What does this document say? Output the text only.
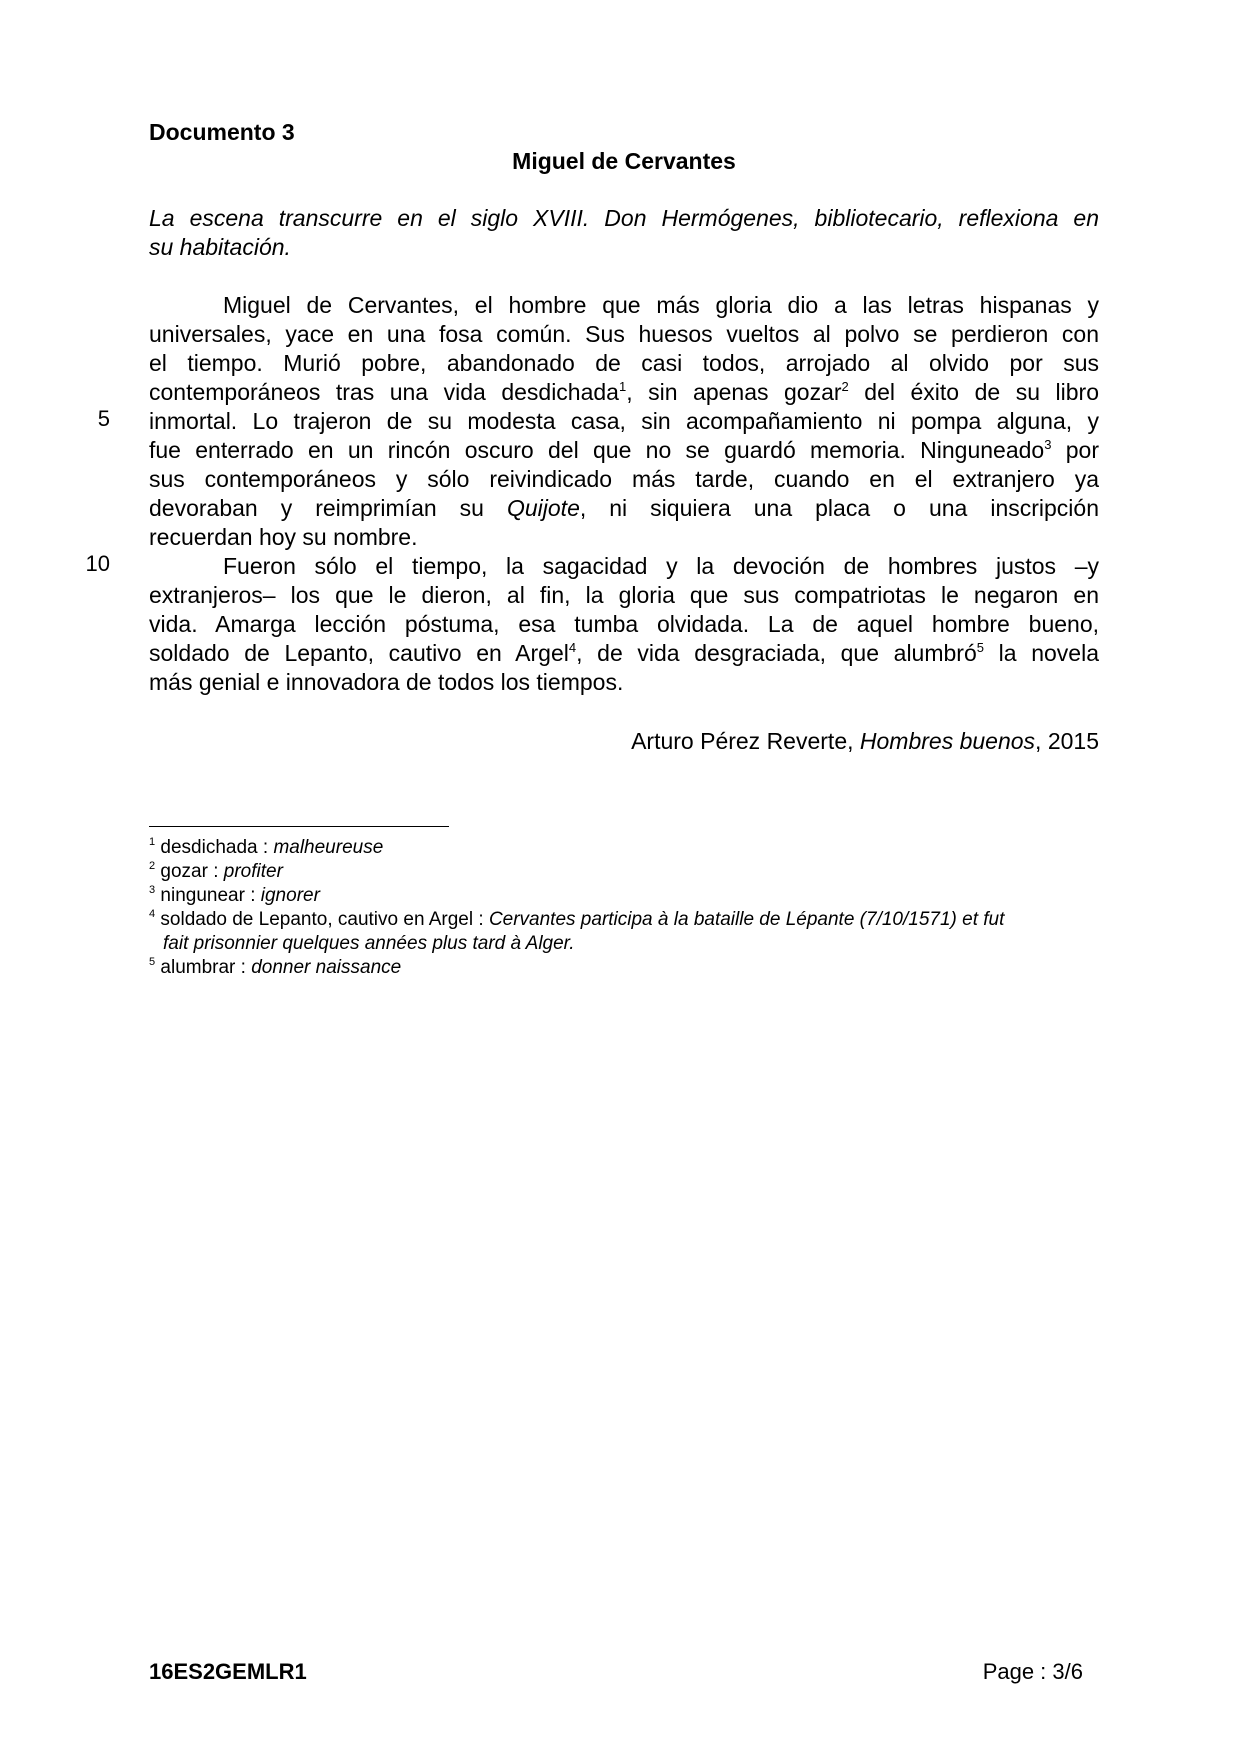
Documento 3
Miguel de Cervantes
La escena transcurre en el siglo XVIII. Don Hermógenes, bibliotecario, reflexiona en
su habitación.
5
10
Miguel de Cervantes, el hombre que más gloria dio a las letras hispanas y
universales, yace en una fosa común. Sus huesos vueltos al polvo se perdieron con
el tiempo. Murió pobre, abandonado de casi todos, arrojado al olvido por sus
contemporáneos tras una vida desdichada$^1$, sin apenas gozar$^2$ del éxito de su libro
inmortal. Lo trajeron de su modesta casa, sin acompañamiento ni pompa alguna, y
fue enterrado en un rincón oscuro del que no se guardó memoria. Ninguneado$^3$ por
sus contemporáneos y sólo reivindicado más tarde, cuando en el extranjero ya
devoraban y reimprimían su Quijote, ni siquiera una placa o una inscripción
recuerdan hoy su nombre.
Fueron sólo el tiempo, la sagacidad y la devoción de hombres justos –y
extranjeros– los que le dieron, al fin, la gloria que sus compatriotas le negaron en
vida. Amarga lección póstuma, esa tumba olvidada. La de aquel hombre bueno,
soldado de Lepanto, cautivo en Argel$^4$, de vida desgraciada, que alumbró$^5$ la novela
más genial e innovadora de todos los tiempos.
Arturo Pérez Reverte, Hombres buenos, 2015
$^1$ desdichada : malheureuse
$^2$ gozar : profiter
$^3$ ningunear : ignorer
$^4$ soldado de Lepanto, cautivo en Argel : Cervantes participa à la bataille de Lépante (7/10/1571) et fut
fait prisonnier quelques années plus tard à Alger.
$^5$ alumbrar : donner naissance
16ES2GEMLR1	Page : 3/6
